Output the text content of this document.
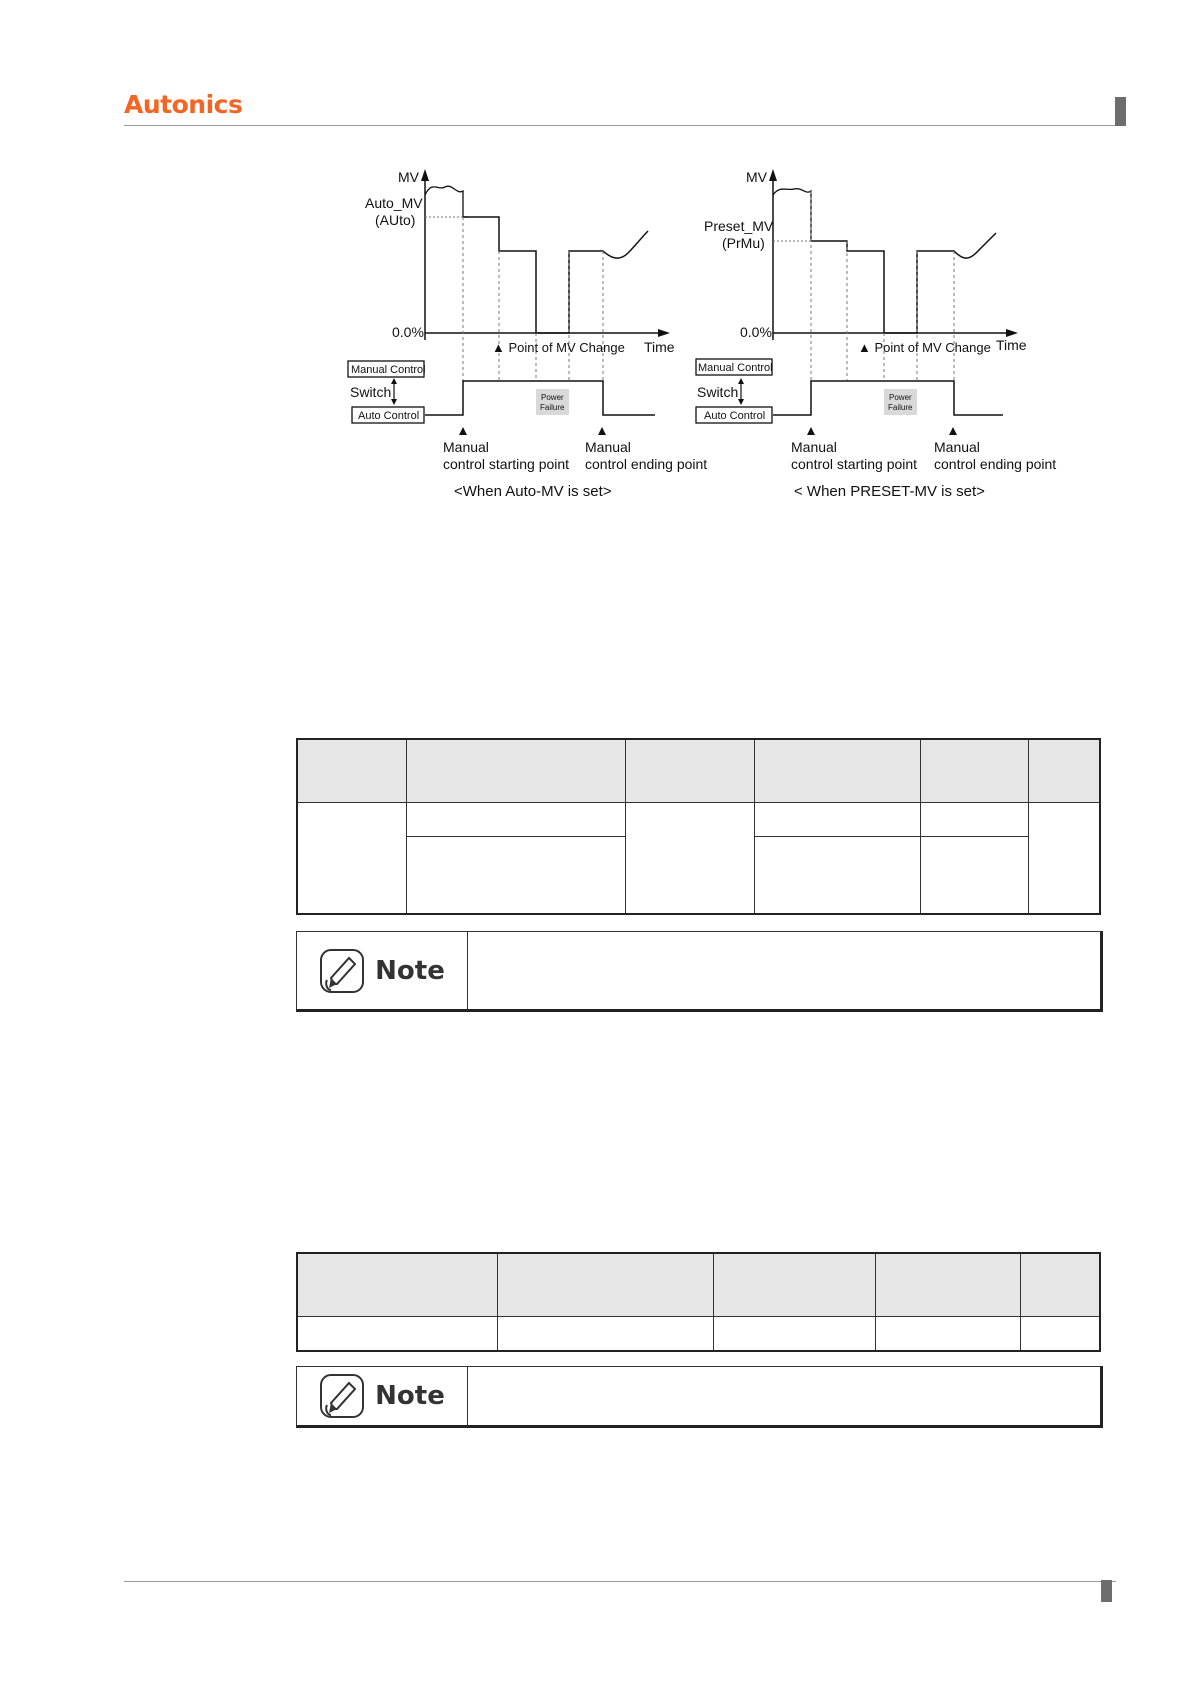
Autonics
MV
Auto_MV
(AUto)
0.0%
▲ Point of MV Change Time
Manual Control
Switch
Auto Control
Power
Failure
Manual
control starting point
Manual
control ending point
<When Auto-MV is set>
MV
Preset_MV
(PrMu)
0.0%
▲ Point of MV Change Time
Manual Control
Switch
Auto Control
Power
Failure
Manual
control starting point
Manual
control ending point
< When PRESET-MV is set>

Note

Note
